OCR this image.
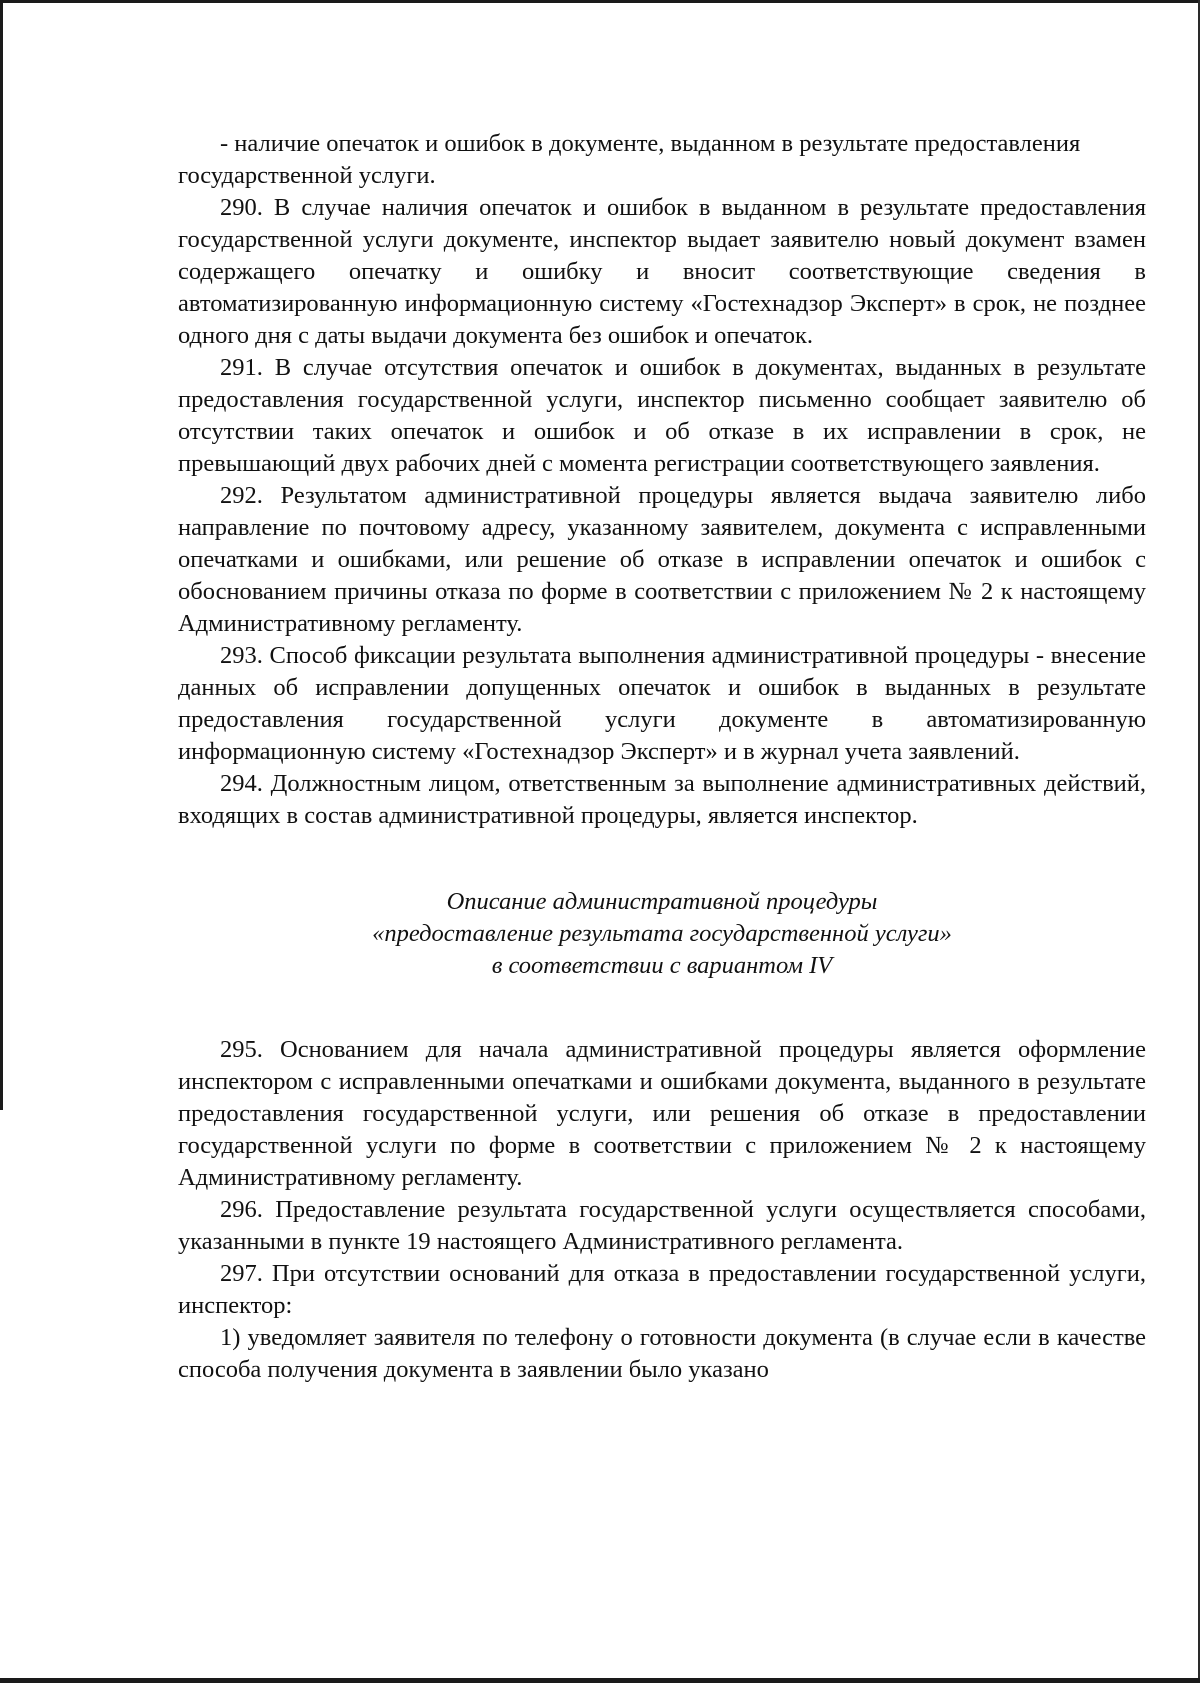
- наличие опечаток и ошибок в документе, выданном в результате предоставления государственной услуги.

290. В случае наличия опечаток и ошибок в выданном в результате предоставления государственной услуги документе, инспектор выдает заявителю новый документ взамен содержащего опечатку и ошибку и вносит соответствующие сведения в автоматизированную информационную систему «Гостехнадзор Эксперт» в срок, не позднее одного дня с даты выдачи документа без ошибок и опечаток.

291. В случае отсутствия опечаток и ошибок в документах, выданных в результате предоставления государственной услуги, инспектор письменно сообщает заявителю об отсутствии таких опечаток и ошибок и об отказе в их исправлении в срок, не превышающий двух рабочих дней с момента регистрации соответствующего заявления.

292. Результатом административной процедуры является выдача заявителю либо направление по почтовому адресу, указанному заявителем, документа с исправленными опечатками и ошибками, или решение об отказе в исправлении опечаток и ошибок с обоснованием причины отказа по форме в соответствии с приложением № 2 к настоящему Административному регламенту.

293. Способ фиксации результата выполнения административной процедуры - внесение данных об исправлении допущенных опечаток и ошибок в выданных в результате предоставления государственной услуги документе в автоматизированную информационную систему «Гостехнадзор Эксперт» и в журнал учета заявлений.

294. Должностным лицом, ответственным за выполнение административных действий, входящих в состав административной процедуры, является инспектор.

Описание административной процедуры
«предоставление результата государственной услуги»
в соответствии с вариантом IV

295. Основанием для начала административной процедуры является оформление инспектором с исправленными опечатками и ошибками документа, выданного в результате предоставления государственной услуги, или решения об отказе в предоставлении государственной услуги по форме в соответствии с приложением № 2 к настоящему Административному регламенту.

296. Предоставление результата государственной услуги осуществляется способами, указанными в пункте 19 настоящего Административного регламента.

297. При отсутствии оснований для отказа в предоставлении государственной услуги, инспектор:

1) уведомляет заявителя по телефону о готовности документа (в случае если в качестве способа получения документа в заявлении было указано
